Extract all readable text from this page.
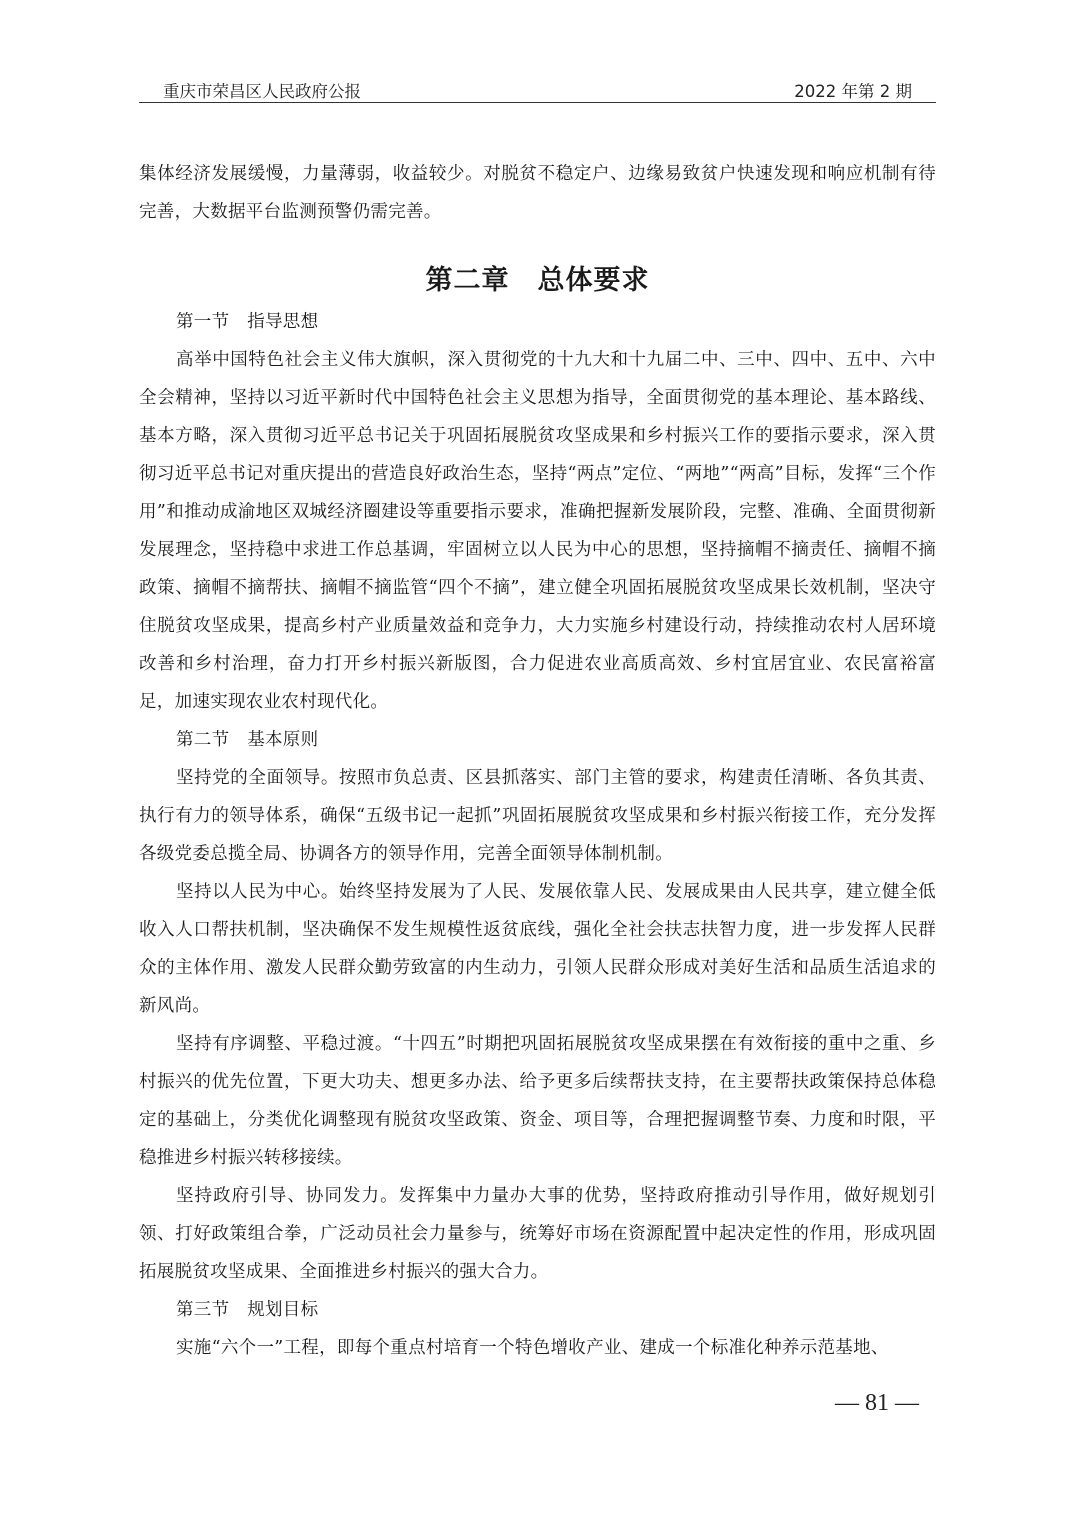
重庆市荣昌区人民政府公报	2022 年第 2 期

集体经济发展缓慢，力量薄弱，收益较少。对脱贫不稳定户、边缘易致贫户快速发现和响应机制有待完善，大数据平台监测预警仍需完善。

第二章　总体要求

第一节　指导思想

高举中国特色社会主义伟大旗帜，深入贯彻党的十九大和十九届二中、三中、四中、五中、六中全会精神，坚持以习近平新时代中国特色社会主义思想为指导，全面贯彻党的基本理论、基本路线、基本方略，深入贯彻习近平总书记关于巩固拓展脱贫攻坚成果和乡村振兴工作的要指示要求，深入贯彻习近平总书记对重庆提出的营造良好政治生态，坚持“两点”定位、“两地”“两高”目标，发挥“三个作用”和推动成渝地区双城经济圈建设等重要指示要求，准确把握新发展阶段，完整、准确、全面贯彻新发展理念，坚持稳中求进工作总基调，牢固树立以人民为中心的思想，坚持摘帽不摘责任、摘帽不摘政策、摘帽不摘帮扶、摘帽不摘监管“四个不摘”，建立健全巩固拓展脱贫攻坚成果长效机制，坚决守住脱贫攻坚成果，提高乡村产业质量效益和竞争力，大力实施乡村建设行动，持续推动农村人居环境改善和乡村治理，奋力打开乡村振兴新版图，合力促进农业高质高效、乡村宜居宜业、农民富裕富足，加速实现农业农村现代化。

第二节　基本原则

坚持党的全面领导。按照市负总责、区县抓落实、部门主管的要求，构建责任清晰、各负其责、执行有力的领导体系，确保“五级书记一起抓”巩固拓展脱贫攻坚成果和乡村振兴衔接工作，充分发挥各级党委总揽全局、协调各方的领导作用，完善全面领导体制机制。

坚持以人民为中心。始终坚持发展为了人民、发展依靠人民、发展成果由人民共享，建立健全低收入人口帮扶机制，坚决确保不发生规模性返贫底线，强化全社会扶志扶智力度，进一步发挥人民群众的主体作用、激发人民群众勤劳致富的内生动力，引领人民群众形成对美好生活和品质生活追求的新风尚。

坚持有序调整、平稳过渡。“十四五”时期把巩固拓展脱贫攻坚成果摆在有效衔接的重中之重、乡村振兴的优先位置，下更大功夫、想更多办法、给予更多后续帮扶支持，在主要帮扶政策保持总体稳定的基础上，分类优化调整现有脱贫攻坚政策、资金、项目等，合理把握调整节奏、力度和时限，平稳推进乡村振兴转移接续。

坚持政府引导、协同发力。发挥集中力量办大事的优势，坚持政府推动引导作用，做好规划引领、打好政策组合拳，广泛动员社会力量参与，统筹好市场在资源配置中起决定性的作用，形成巩固拓展脱贫攻坚成果、全面推进乡村振兴的强大合力。

第三节　规划目标

实施“六个一”工程，即每个重点村培育一个特色增收产业、建成一个标准化种养示范基地、

— 81 —
